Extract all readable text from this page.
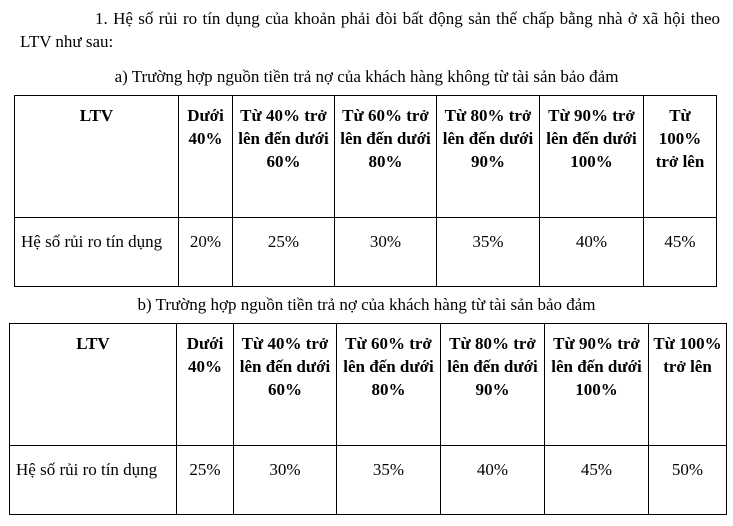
1. Hệ số rủi ro tín dụng của khoản phải đòi bất động sản thế chấp bằng nhà ở xã hội theo LTV như sau:

a) Trường hợp nguồn tiền trả nợ của khách hàng không từ tài sản bảo đảm
LTV	Dưới 40%	Từ 40% trở lên đến dưới 60%	Từ 60% trở lên đến dưới 80%	Từ 80% trở lên đến dưới 90%	Từ 90% trở lên đến dưới 100%	Từ 100% trở lên
Hệ số rủi ro tín dụng	20%	25%	30%	35%	40%	45%
b) Trường hợp nguồn tiền trả nợ của khách hàng từ tài sản bảo đảm
LTV	Dưới 40%	Từ 40% trở lên đến dưới 60%	Từ 60% trở lên đến dưới 80%	Từ 80% trở lên đến dưới 90%	Từ 90% trở lên đến dưới 100%	Từ 100% trở lên
Hệ số rủi ro tín dụng	25%	30%	35%	40%	45%	50%
